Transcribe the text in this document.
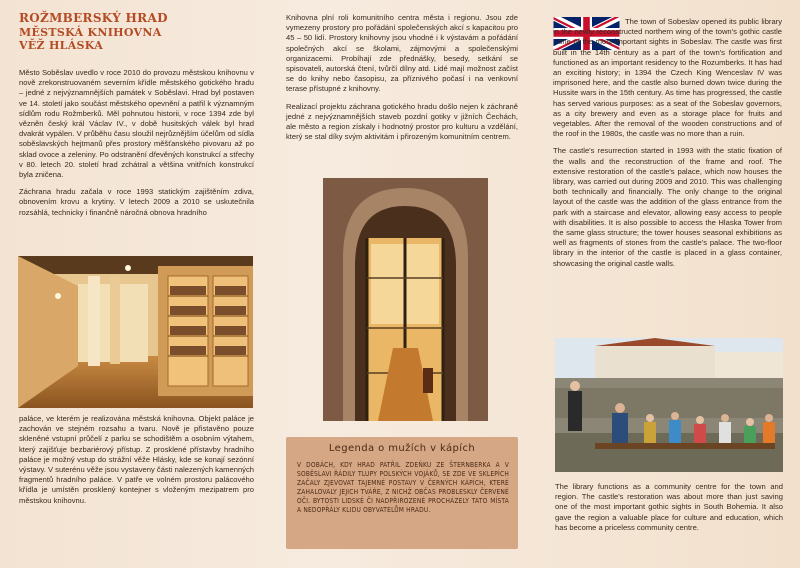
ROŽMBERSKÝ HRAD
MĚSTSKÁ KNIHOVNA
VĚŽ HLÁSKA

Město Soběslav uvedlo v roce 2010 do provozu městskou knihovnu v nově zrekonstruovaném severním křídle městského gotického hradu – jedné z nejvýznamnějších památek v Soběslavi. Hrad byl postaven ve 14. století jako součást městského opevnění a patřil k významným sídlům rodu Rožmberků. Měl pohnutou historii, v roce 1394 zde byl vězněn český král Václav IV., v době husitských válek byl hrad dvakrát vypálen. V průběhu času sloužil nejrůznějším účelům od sídla soběslavských hejtmanů přes prostory měšťanského pivovaru až po sklad ovoce a zeleniny. Po odstranění dřevěných konstrukcí a střechy v 80. letech 20. století hrad zchátral a většina vnitřních konstrukcí byla zničena.

Záchrana hradu začala v roce 1993 statickým zajištěním zdiva, obnovením krovu a krytiny. V letech 2009 a 2010 se uskutečnila rozsáhlá, technicky i finančně náročná obnova hradního

paláce, ve kterém je realizována městská knihovna. Objekt paláce je zachován ve stejném rozsahu a tvaru. Nově je přistavěno pouze skleněné vstupní průčelí z parku se schodištěm a osobním výtahem, který zajišťuje bezbariérový přístup. Z prosklené přístavby hradního paláce je možný vstup do strážní věže Hlásky, kde se konají sezónní výstavy. V suterénu věže jsou vystaveny části nalezených kamenných fragmentů hradního paláce. V patře ve volném prostoru palácového křídla je umístěn prosklený kontejner s vloženým mezipatrem pro městskou knihovnu.

Knihovna plní roli komunitního centra města i regionu. Jsou zde vymezeny prostory pro pořádání společenských akcí s kapacitou pro 45 – 50 lidí. Prostory knihovny jsou vhodné i k výstavám a pořádání společných akcí se školami, zájmovými a společenskými organizacemi. Probíhají zde přednášky, besedy, setkání se spisovateli, autorská čtení, tvůrčí dílny atd. Lidé mají možnost začíst se do knihy nebo časopisu, za příznivého počasí i na venkovní terase přístupné z knihovny.

Realizací projektu záchrana gotického hradu došlo nejen k záchraně jedné z nejvýznamnějších staveb pozdní gotiky v jižních Čechách, ale město a region získaly i hodnotný prostor pro kulturu a vzdělání, který se stal díky svým aktivitám i přirozeným komunitním centrem.

Legenda o mužích v kápích
V DOBÁCH, KDY HRAD PATŘIL ZDEŇKU ZE ŠTERNBERKA A V SOBĚSLAVI ŘÁDILY TLUPY POLSKÝCH VOJÁKŮ, SE ZDE VE SKLEPÍCH ZAČALY ZJEVOVAT TAJEMNÉ POSTAVY V ČERNÝCH KÁPÍCH, KTERÉ ZAHALOVALY JEJICH TVÁŘE, Z NICHŽ OBČAS PROBLESKLY ČERVENÉ OČI. BYTOSTI LIDSKÉ ČI NADPŘIROZENÉ PROCHÁZELY TATO MÍSTA A NEDOPŘÁLY KLIDU OBYVATELŮM HRADU.

The town of Sobeslav opened its public library in the newly reconstructed northern wing of the town's gothic castle - one of the most important sights in Sobeslav. The castle was first built in the 14th century as a part of the town's fortification and functioned as an important residency to the Rozumberks. It has had an exciting history; in 1394 the Czech King Wenceslav IV was imprisoned here, and the castle also burned down twice during the Hussite wars in the 15th century. As time has progressed, the castle has served various purposes: as a seat of the Sobeslav governors, as a city brewery and even as a storage place for fruits and vegetables. After the removal of the wooden constructions and of the roof in the 1980s, the castle was no more than a ruin.

The castle's resurrection started in 1993 with the static fixation of the walls and the reconstruction of the frame and roof. The extensive restoration of the castle's palace, which now houses the library, was carried out during 2009 and 2010. This was challenging both technically and financially. The only change to the original layout of the castle was the addition of the glass entrance from the park with a staircase and elevator, allowing easy access to people with disabilities. It is also possible to access the Hlaska Tower from the same glass structure; the tower houses seasonal exhibitions as well as fragments of stones from the castle's palace. The two-floor library in the interior of the castle is placed in a glass container, showcasing the original castle walls.

The library functions as a community centre for the town and region. The castle's restoration was about more than just saving one of the most important gothic sights in South Bohemia. It also gave the region a valuable place for culture and education, which has become a priceless community centre.
